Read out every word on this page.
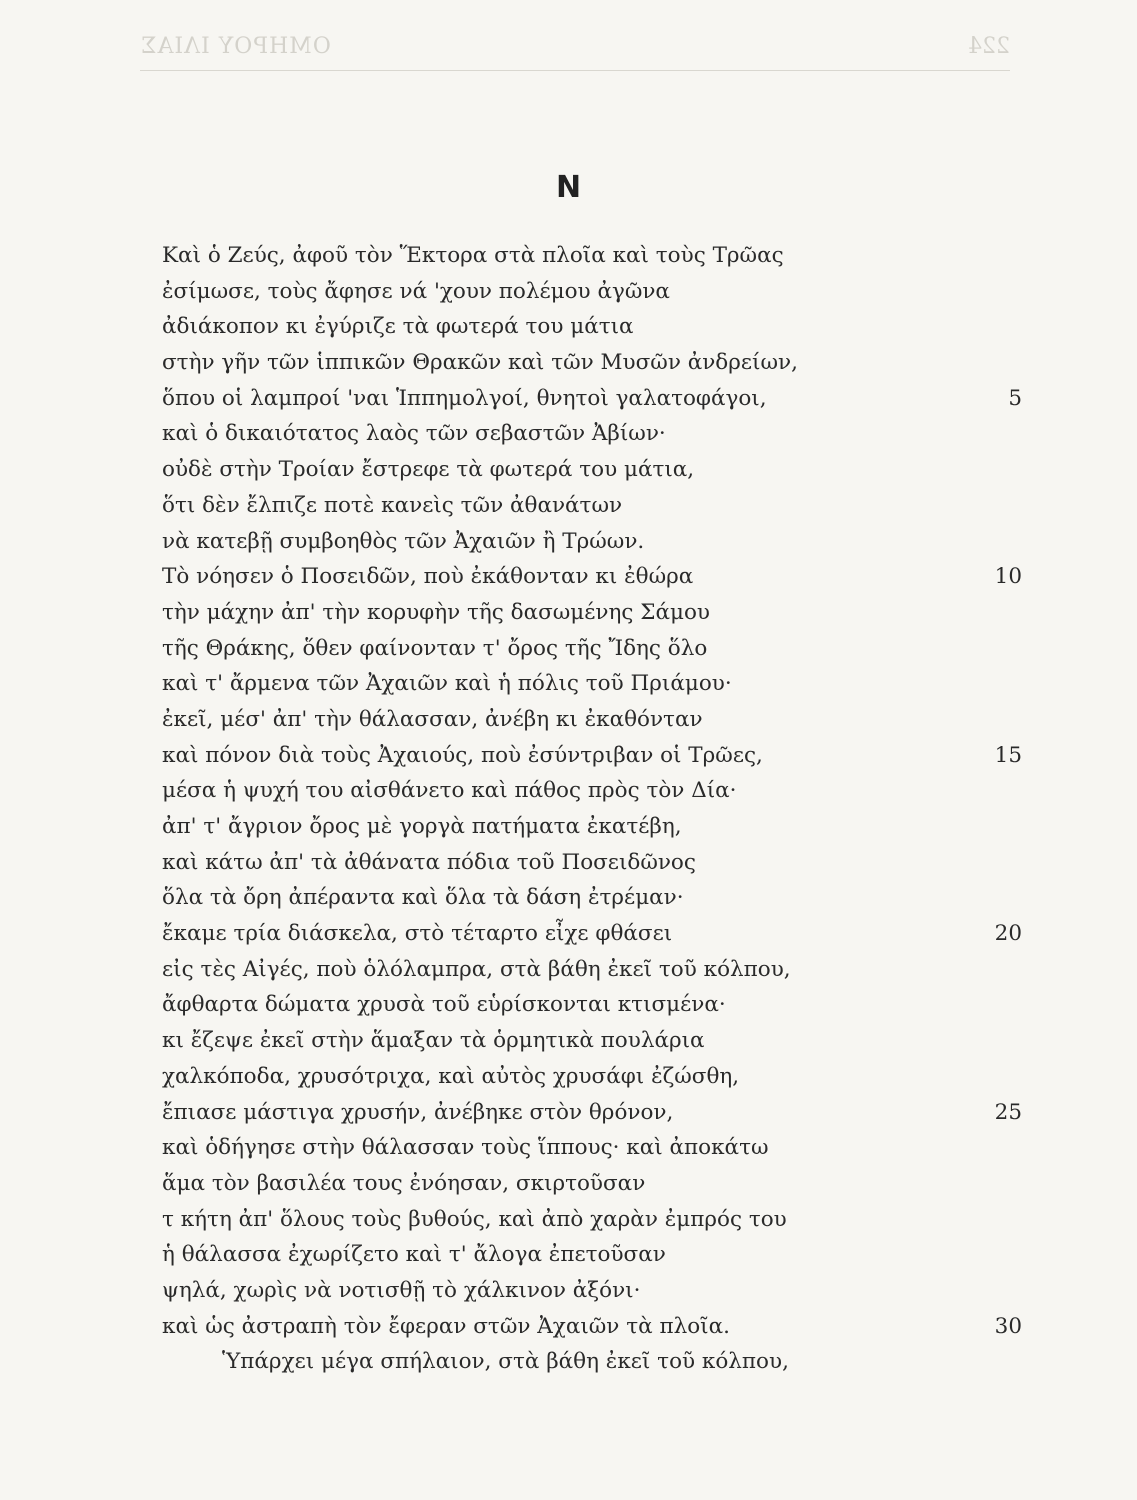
ΟΜΗΡΟΥ ΙΛΙΑΣ	224
Ν
Καὶ ὁ Ζεύς, ἀφοῦ τὸν Ἕκτορα στὰ πλοῖα καὶ τοὺς Τρῶας
ἐσίμωσε, τοὺς ἄφησε νά 'χουν πολέμου ἀγῶνα
ἀδιάκοπον κι ἐγύριζε τὰ φωτερά του μάτια
στὴν γῆν τῶν ἱππικῶν Θρακῶν καὶ τῶν Μυσῶν ἀνδρείων,
ὅπου οἱ λαμπροί 'ναι Ἱππημολγοί, θνητοὶ γαλατοφάγοι,	5
καὶ ὁ δικαιότατος λαὸς τῶν σεβαστῶν Ἀβίων·
οὐδὲ στὴν Τροίαν ἔστρεφε τὰ φωτερά του μάτια,
ὅτι δὲν ἔλπιζε ποτὲ κανεὶς τῶν ἀθανάτων
νὰ κατεβῇ συμβοηθὸς τῶν Ἀχαιῶν ἢ Τρώων.
Τὸ νόησεν ὁ Ποσειδῶν, ποὺ ἐκάθονταν κι ἐθώρα	10
τὴν μάχην ἀπ' τὴν κορυφὴν τῆς δασωμένης Σάμου
τῆς Θράκης, ὅθεν φαίνονταν τ' ὄρος τῆς Ἴδης ὅλο
καὶ τ' ἄρμενα τῶν Ἀχαιῶν καὶ ἡ πόλις τοῦ Πριάμου·
ἐκεῖ, μέσ' ἀπ' τὴν θάλασσαν, ἀνέβη κι ἐκαθόνταν
καὶ πόνον διὰ τοὺς Ἀχαιούς, ποὺ ἐσύντριβαν οἱ Τρῶες,	15
μέσα ἡ ψυχή του αἰσθάνετο καὶ πάθος πρὸς τὸν Δία·
ἀπ' τ' ἄγριον ὄρος μὲ γοργὰ πατήματα ἐκατέβη,
καὶ κάτω ἀπ' τὰ ἀθάνατα πόδια τοῦ Ποσειδῶνος
ὅλα τὰ ὄρη ἀπέραντα καὶ ὅλα τὰ δάση ἐτρέμαν·
ἔκαμε τρία διάσκελα, στὸ τέταρτο εἶχε φθάσει	20
εἰς τὲς Αἰγές, ποὺ ὁλόλαμπρα, στὰ βάθη ἐκεῖ τοῦ κόλπου,
ἄφθαρτα δώματα χρυσὰ τοῦ εὑρίσκονται κτισμένα·
κι ἔζεψε ἐκεῖ στὴν ἅμαξαν τὰ ὁρμητικὰ πουλάρια
χαλκόποδα, χρυσότριχα, καὶ αὐτὸς χρυσάφι ἐζώσθη,
ἔπιασε μάστιγα χρυσήν, ἀνέβηκε στὸν θρόνον,	25
καὶ ὁδήγησε στὴν θάλασσαν τοὺς ἵππους· καὶ ἀποκάτω
ἅμα τὸν βασιλέα τους ἐνόησαν, σκιρτοῦσαν
τ κήτη ἀπ' ὅλους τοὺς βυθούς, καὶ ἀπὸ χαρὰν ἐμπρός του
ἡ θάλασσα ἐχωρίζετο καὶ τ' ἄλογα ἐπετοῦσαν
ψηλά, χωρὶς νὰ νοτισθῇ τὸ χάλκινον ἀξόνι·
καὶ ὡς ἀστραπὴ τὸν ἔφεραν στῶν Ἀχαιῶν τὰ πλοῖα.	30
Ὑπάρχει μέγα σπήλαιον, στὰ βάθη ἐκεῖ τοῦ κόλπου,
